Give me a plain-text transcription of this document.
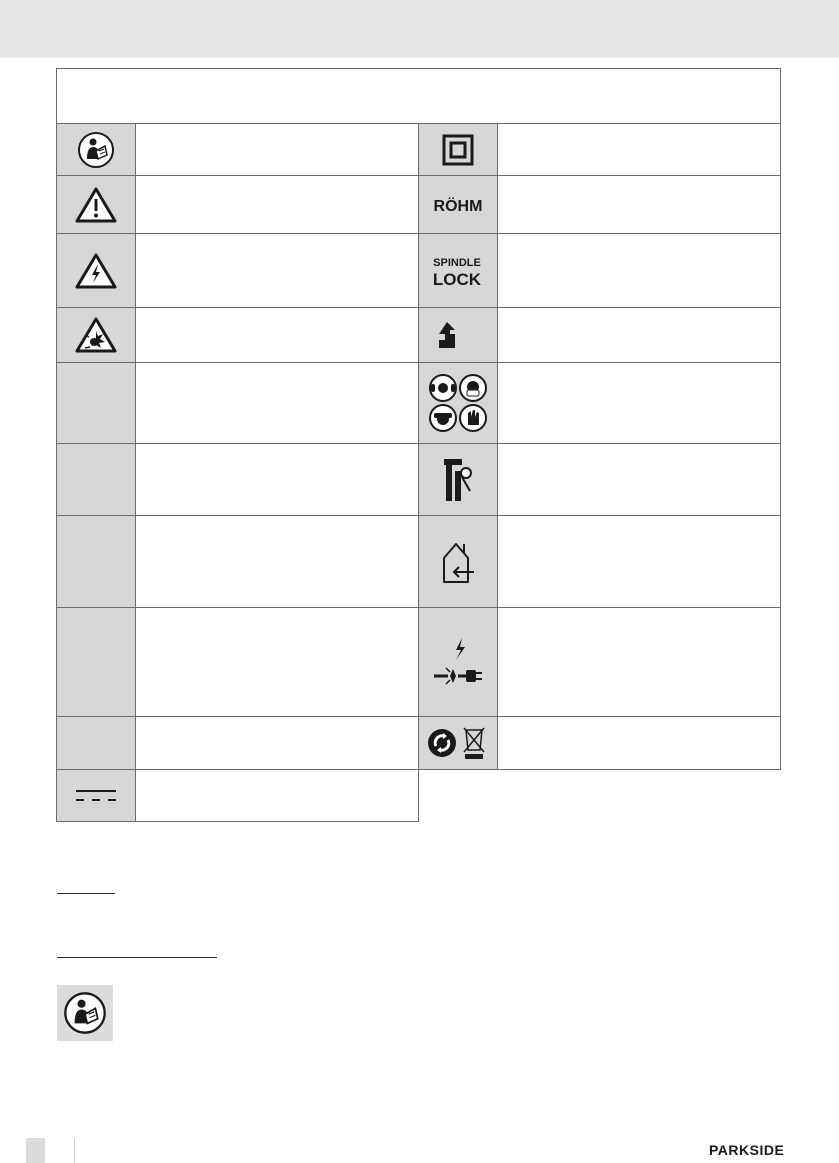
RÖHM
SPINDLE
LOCK
PARKSIDE
